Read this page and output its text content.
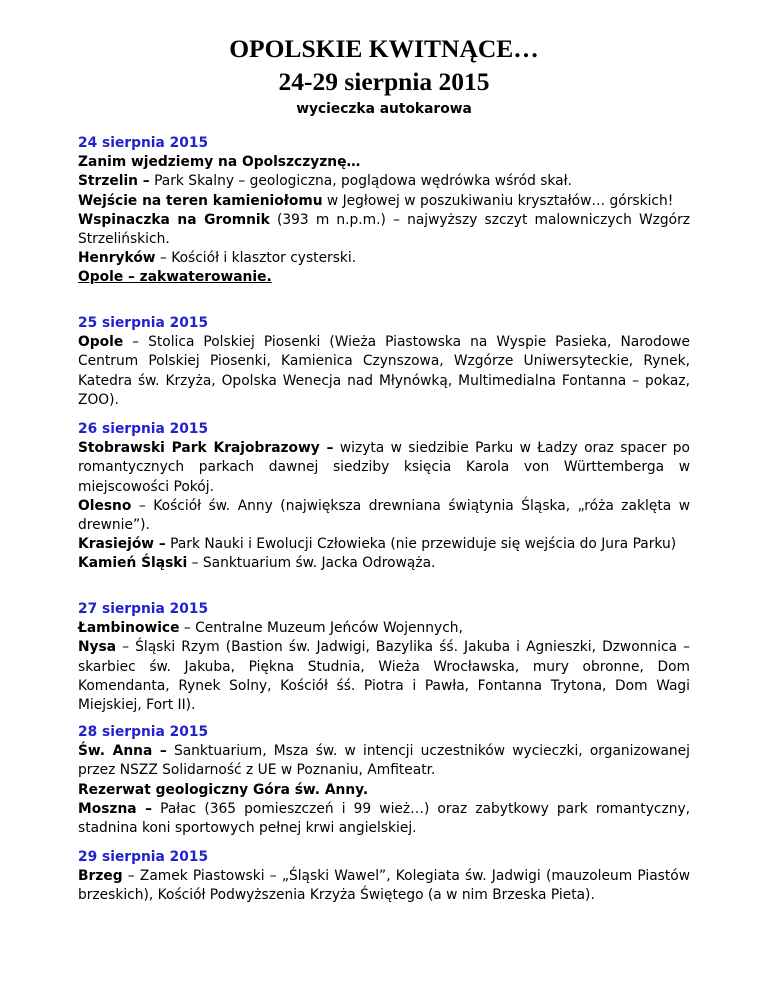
OPOLSKIE KWITNĄCE…
24-29 sierpnia 2015
wycieczka autokarowa
24 sierpnia 2015

Zanim wjedziemy na Opolszczyznę…

Strzelin – Park Skalny – geologiczna, poglądowa wędrówka wśród skał.

Wejście na teren kamieniołomu w Jegłowej w poszukiwaniu kryształów… górskich!

Wspinaczka na Gromnik (393 m n.p.m.) – najwyższy szczyt malowniczych Wzgórz Strzelińskich.

Henryków – Kościół i klasztor cysterski.

Opole – zakwaterowanie.

25 sierpnia 2015

Opole – Stolica Polskiej Piosenki (Wieża Piastowska na Wyspie Pasieka, Narodowe Centrum Polskiej Piosenki, Kamienica Czynszowa, Wzgórze Uniwersyteckie, Rynek, Katedra św. Krzyża, Opolska Wenecja nad Młynówką, Multimedialna Fontanna – pokaz, ZOO).

26 sierpnia 2015

Stobrawski Park Krajobrazowy – wizyta w siedzibie Parku w Ładzy oraz spacer po romantycznych parkach dawnej siedziby księcia Karola von Württemberga w miejscowości Pokój.

Olesno – Kościół św. Anny (największa drewniana świątynia Śląska, „róża zaklęta w drewnie”).

Krasiejów – Park Nauki i Ewolucji Człowieka (nie przewiduje się wejścia do Jura Parku)

Kamień Śląski – Sanktuarium św. Jacka Odrowąża.

27 sierpnia 2015

Łambinowice – Centralne Muzeum Jeńców Wojennych,

Nysa – Śląski Rzym (Bastion św. Jadwigi, Bazylika śś. Jakuba i Agnieszki, Dzwonnica – skarbiec św. Jakuba, Piękna Studnia, Wieża Wrocławska, mury obronne, Dom Komendanta, Rynek Solny, Kościół śś. Piotra i Pawła, Fontanna Trytona, Dom Wagi Miejskiej, Fort II).

28 sierpnia 2015

Św. Anna – Sanktuarium, Msza św. w intencji uczestników wycieczki, organizowanej przez NSZZ Solidarność z UE w Poznaniu, Amfiteatr.

Rezerwat geologiczny Góra św. Anny.

Moszna – Pałac (365 pomieszczeń i 99 wież…) oraz zabytkowy park romantyczny, stadnina koni sportowych pełnej krwi angielskiej.

29 sierpnia 2015

Brzeg – Zamek Piastowski – „Śląski Wawel”, Kolegiata św. Jadwigi (mauzoleum Piastów brzeskich), Kościół Podwyższenia Krzyża Świętego (a w nim Brzeska Pieta).
